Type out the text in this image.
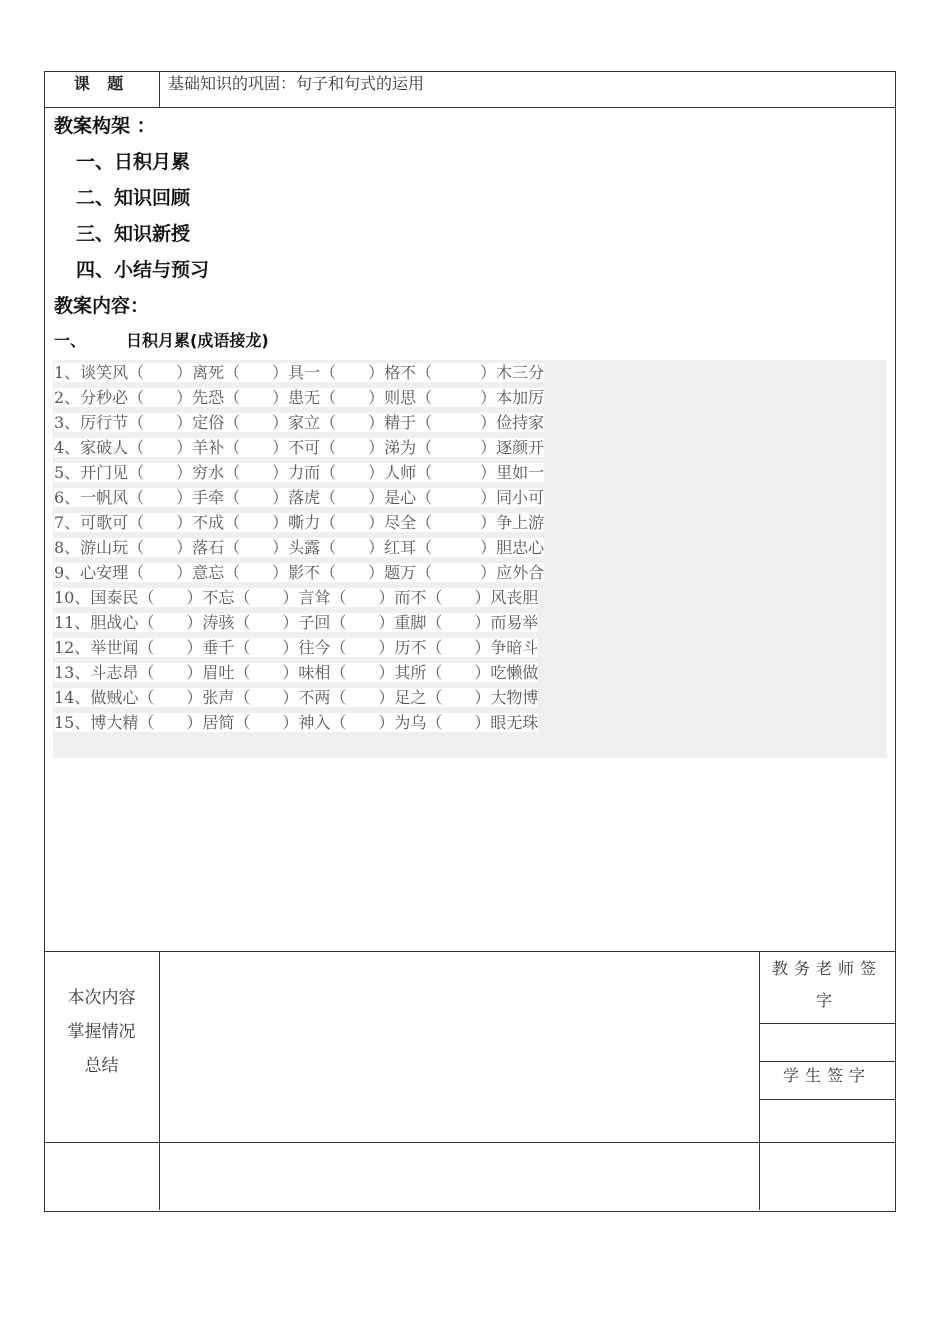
课 题	基础知识的巩固：句子和句式的运用
教案构架 ：
一、日积月累
二、知识回顾
三、知识新授
四、小结与预习
教案内容：
一、	日积月累(成语接龙)
1、谈笑风（　　）离死（　　）具一（　　）格不（　　　）木三分
2、分秒必（　　）先恐（　　）患无（　　）则思（　　　）本加厉
3、厉行节（　　）定俗（　　）家立（　　）精于（　　　）俭持家
4、家破人（　　）羊补（　　）不可（　　）涕为（　　　）逐颜开
5、开门见（　　）穷水（　　）力而（　　）人师（　　　）里如一
6、一帆风（　　）手牵（　　）落虎（　　）是心（　　　）同小可
7、可歌可（　　）不成（　　）嘶力（　　）尽全（　　　）争上游
8、游山玩（　　）落石（　　）头露（　　）红耳（　　　）胆忠心
9、心安理（　　）意忘（　　）影不（　　）题万（　　　）应外合
10、国泰民（　　）不忘（　　）言耸（　　）而不（　　）风丧胆
11、胆战心（　　）涛骇（　　）子回（　　）重脚（　　）而易举
12、举世闻（　　）垂千（　　）往今（　　）历不（　　）争暗斗
13、斗志昂（　　）眉吐（　　）味相（　　）其所（　　）吃懒做
14、做贼心（　　）张声（　　）不两（　　）足之（　　）大物博
15、博大精（　　）居简（　　）神入（　　）为乌（　　）眼无珠
本次内容
掌握情况
总结
教务老师签
字
学生签字
